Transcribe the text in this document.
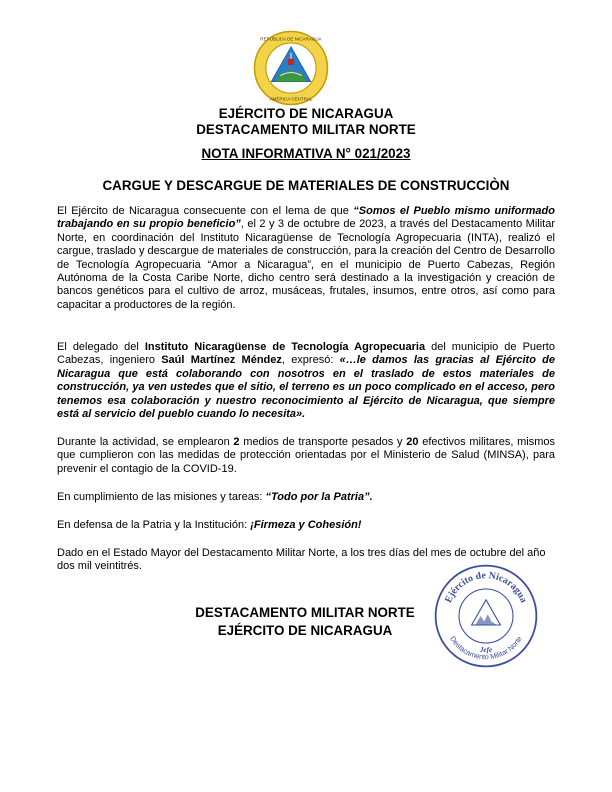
REPÚBLICA DE NICARAGUA
AMÉRICA CENTRAL
EJÉRCITO DE NICARAGUA
DESTACAMENTO MILITAR NORTE
NOTA INFORMATIVA N° 021/2023
CARGUE Y DESCARGUE DE MATERIALES DE CONSTRUCCIÒN

El Ejército de Nicaragua consecuente con el lema de que “Somos el Pueblo mismo uniformado trabajando en su propio beneficio”, el 2 y 3 de octubre de 2023, a través del Destacamento Militar Norte, en coordinación del Instituto Nicaragüense de Tecnología Agropecuaria (INTA), realizó el cargue, traslado y descargue de materiales de construcción, para la creación del Centro de Desarrollo de Tecnología Agropecuaria “Amor a Nicaragua”, en el municipio de Puerto Cabezas, Región Autónoma de la Costa Caribe Norte, dicho centro será destinado a la investigación y creación de bancos genéticos para el cultivo de arroz, musáceas, frutales, insumos, entre otros, así como para capacitar a productores de la región.

El delegado del Instituto Nicaragüense de Tecnología Agropecuaria del municipio de Puerto Cabezas, ingeniero Saúl Martínez Méndez, expresó: «…le damos las gracias al Ejército de Nicaragua que está colaborando con nosotros en el traslado de estos materiales de construcción, ya ven ustedes que el sitio, el terreno es un poco complicado en el acceso, pero tenemos esa colaboración y nuestro reconocimiento al Ejército de Nicaragua, que siempre está al servicio del pueblo cuando lo necesita».

Durante la actividad, se emplearon 2 medios de transporte pesados y 20 efectivos militares, mismos que cumplieron con las medidas de protección orientadas por el Ministerio de Salud (MINSA), para prevenir el contagio de la COVID-19.

En cumplimiento de las misiones y tareas: “Todo por la Patria”.

En defensa de la Patria y la Institución: ¡Firmeza y Cohesión!

Dado en el Estado Mayor del Destacamento Militar Norte, a los tres días del mes de octubre del año dos mil veintitrés.

DESTACAMENTO MILITAR NORTE
EJÉRCITO DE NICARAGUA
Ejército de Nicaragua
Destacamento Militar Norte
Jefe
